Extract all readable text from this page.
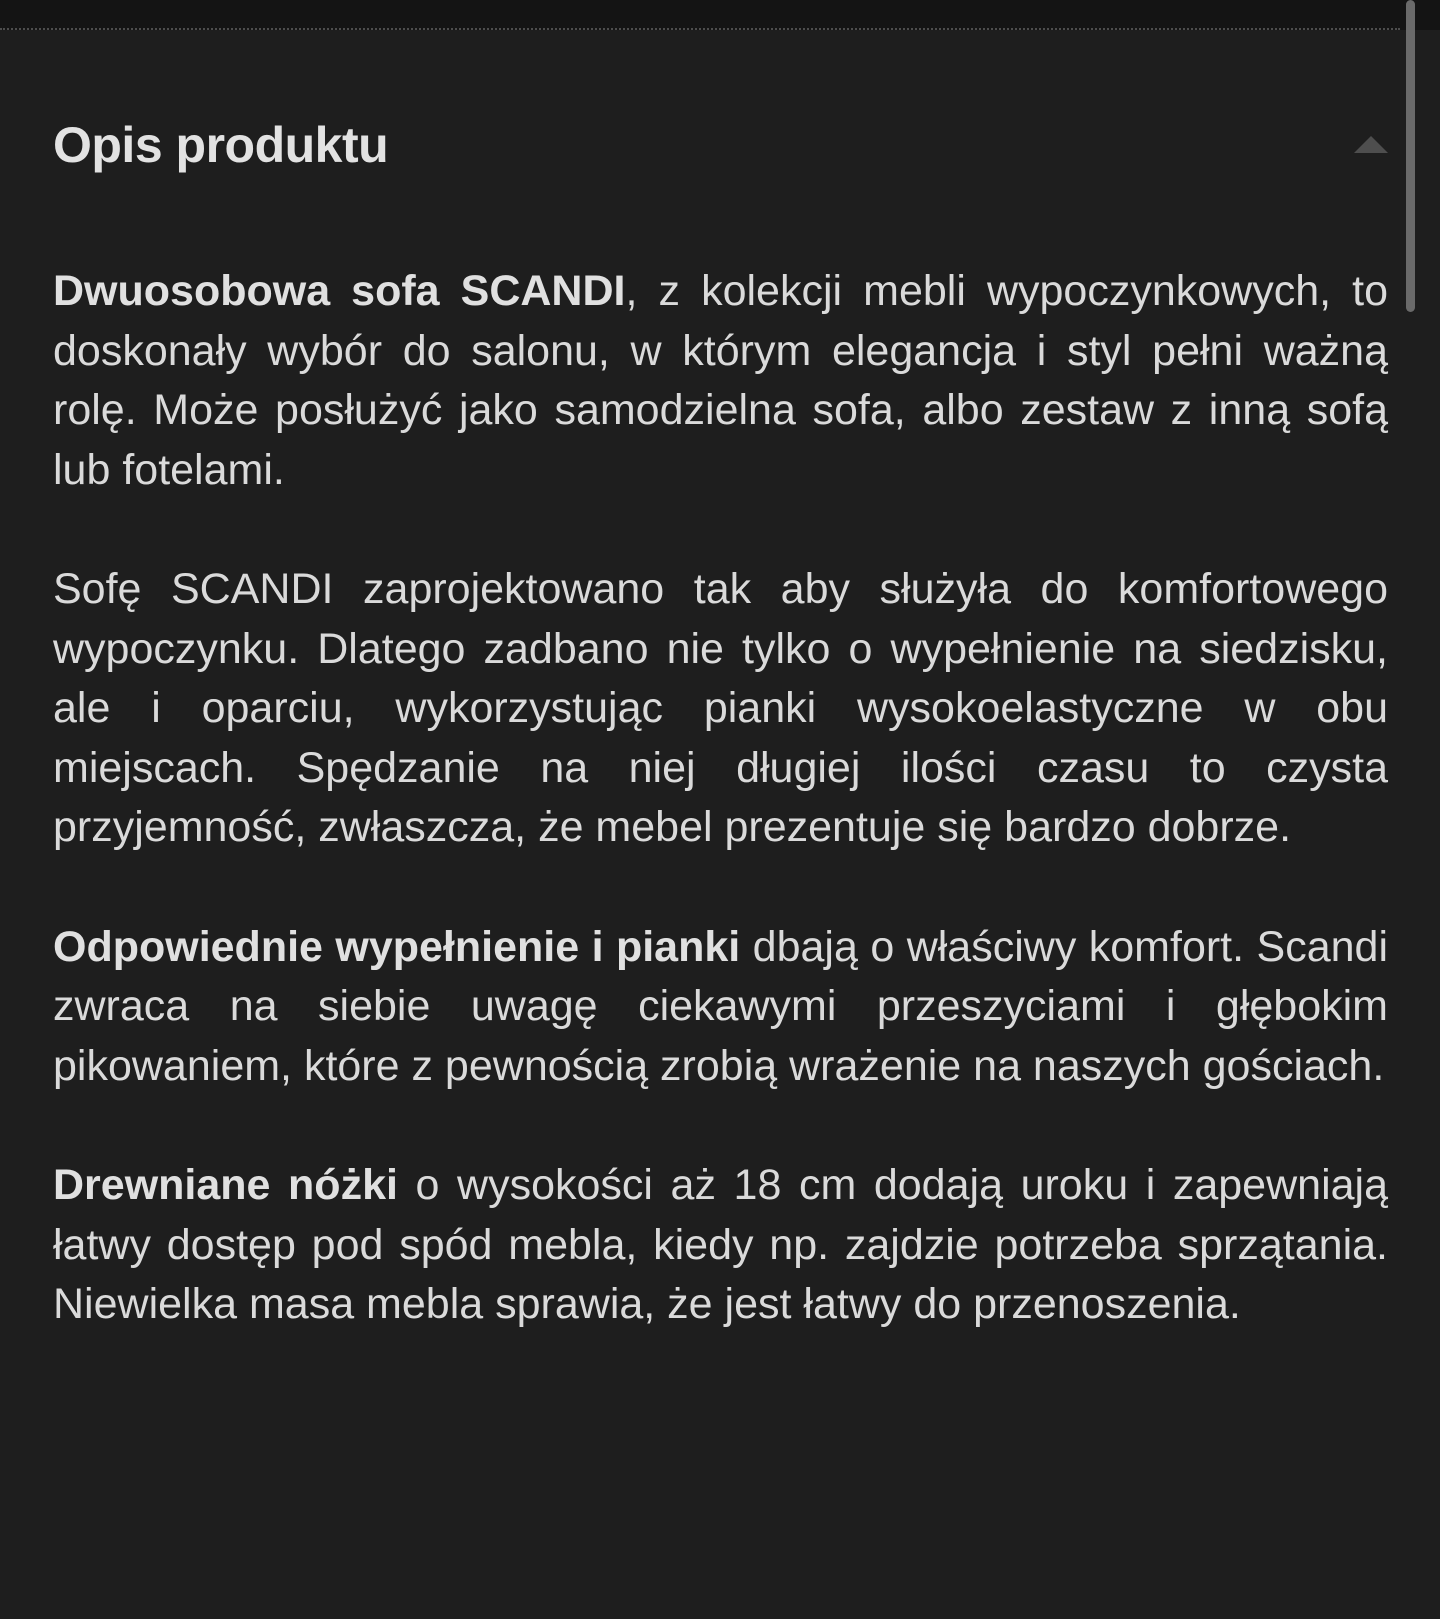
Opis produktu

Dwuosobowa sofa SCANDI, z kolekcji mebli wypoczynkowych, to doskonały wybór do salonu, w którym elegancja i styl pełni ważną rolę. Może posłużyć jako samodzielna sofa, albo zestaw z inną sofą lub fotelami.

Sofę SCANDI zaprojektowano tak aby służyła do komfortowego wypoczynku. Dlatego zadbano nie tylko o wypełnienie na siedzisku, ale i oparciu, wykorzystując pianki wysokoelastyczne w obu miejscach. Spędzanie na niej długiej ilości czasu to czysta przyjemność, zwłaszcza, że mebel prezentuje się bardzo dobrze.

Odpowiednie wypełnienie i pianki dbają o właściwy komfort. Scandi zwraca na siebie uwagę ciekawymi przeszyciami i głębokim pikowaniem, które z pewnością zrobią wrażenie na naszych gościach.

Drewniane nóżki o wysokości aż 18 cm dodają uroku i zapewniają łatwy dostęp pod spód mebla, kiedy np. zajdzie potrzeba sprzątania. Niewielka masa mebla sprawia, że jest łatwy do przenoszenia.
